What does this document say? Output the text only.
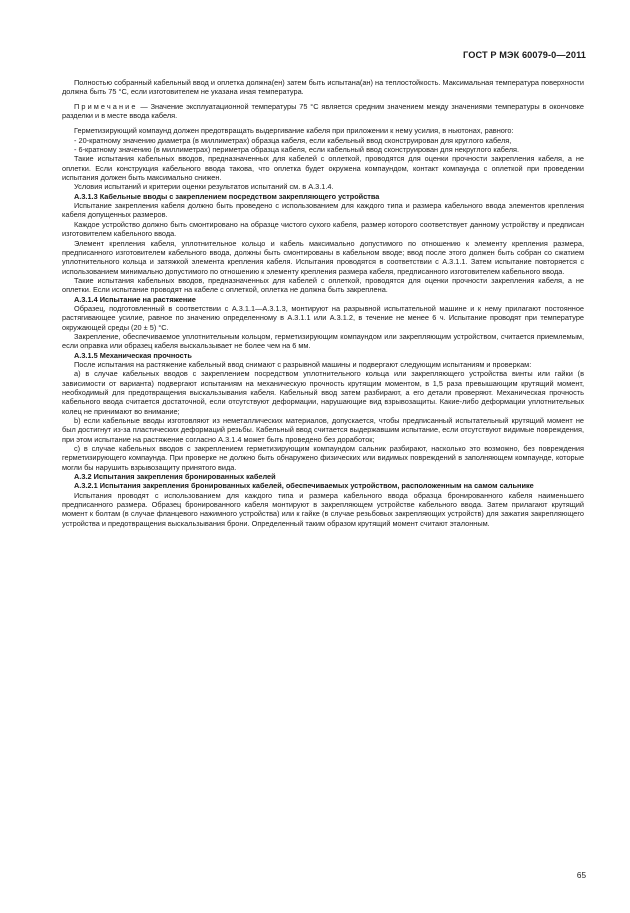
ГОСТ Р МЭК 60079-0—2011

Полностью собранный кабельный ввод и оплетка должна(ен) затем быть испытана(ан) на теплостойкость. Максимальная температура поверхности должна быть 75 °С, если изготовителем не указана иная температура.

Примечание — Значение эксплуатационной температуры 75 °С является средним значением между значениями температуры в окончовке разделки и в месте ввода кабеля.

Герметизирующий компаунд должен предотвращать выдергивание кабеля при приложении к нему усилия, в ньютонах, равного:

- 20-кратному значению диаметра (в миллиметрах) образца кабеля, если кабельный ввод сконструирован для круглого кабеля,

- 6-кратному значению (в миллиметрах) периметра образца кабеля, если кабельный ввод сконструирован для некруглого кабеля.

Такие испытания кабельных вводов, предназначенных для кабелей с оплеткой, проводятся для оценки прочности закрепления кабеля, а не оплетки. Если конструкция кабельного ввода такова, что оплетка будет окружена компаундом, контакт компаунда с оплеткой при проведении испытания должен быть максимально снижен.

Условия испытаний и критерии оценки результатов испытаний см. в А.3.1.4.

А.3.1.3 Кабельные вводы с закреплением посредством закрепляющего устройства

Испытание закрепления кабеля должно быть проведено с использованием для каждого типа и размера кабельного ввода элементов крепления кабеля допущенных размеров.

Каждое устройство должно быть смонтировано на образце чистого сухого кабеля, размер которого соответствует данному устройству и предписан изготовителем кабельного ввода.

Элемент крепления кабеля, уплотнительное кольцо и кабель максимально допустимого по отношению к элементу крепления размера, предписанного изготовителем кабельного ввода, должны быть смонтированы в кабельном вводе; ввод после этого должен быть собран со сжатием уплотнительного кольца и затяжкой элемента крепления кабеля. Испытания проводятся в соответствии с А.3.1.1. Затем испытание повторяется с использованием минимально допустимого по отношению к элементу крепления размера кабеля, предписанного изготовителем кабельного ввода.

Такие испытания кабельных вводов, предназначенных для кабелей с оплеткой, проводятся для оценки прочности закрепления кабеля, а не оплетки. Если испытание проводят на кабеле с оплеткой, оплетка не должна быть закреплена.

А.3.1.4 Испытание на растяжение

Образец, подготовленный в соответствии с А.3.1.1—А.3.1.3, монтируют на разрывной испытательной машине и к нему прилагают постоянное растягивающее усилие, равное по значению определенному в А.3.1.1 или А.3.1.2, в течение не менее 6 ч. Испытание проводят при температуре окружающей среды (20 ± 5) °С.

Закрепление, обеспечиваемое уплотнительным кольцом, герметизирующим компаундом или закрепляющим устройством, считается приемлемым, если оправка или образец кабеля выскальзывает не более чем на 6 мм.

А.3.1.5 Механическая прочность

После испытания на растяжение кабельный ввод снимают с разрывной машины и подвергают следующим испытаниям и проверкам:

а) в случае кабельных вводов с закреплением посредством уплотнительного кольца или закрепляющего устройства винты или гайки (в зависимости от варианта) подвергают испытаниям на механическую прочность крутящим моментом, в 1,5 раза превышающим крутящий момент, необходимый для предотвращения выскальзывания кабеля. Кабельный ввод затем разбирают, а его детали проверяют. Механическая прочность кабельного ввода считается достаточной, если отсутствуют деформации, нарушающие вид взрывозащиты. Какие-либо деформации уплотнительных колец не принимают во внимание;

b) если кабельные вводы изготовляют из неметаллических материалов, допускается, чтобы предписанный испытательный крутящий момент не был достигнут из-за пластических деформаций резьбы. Кабельный ввод считается выдержавшим испытание, если отсутствуют видимые повреждения, при этом испытание на растяжение согласно А.3.1.4 может быть проведено без доработок;

с) в случае кабельных вводов с закреплением герметизирующим компаундом сальник разбирают, насколько это возможно, без повреждения герметизирующего компаунда. При проверке не должно быть обнаружено физических или видимых повреждений в заполняющем компаунде, которые могли бы нарушить взрывозащиту принятого вида.

А.3.2 Испытания закрепления бронированных кабелей

А.3.2.1 Испытания закрепления бронированных кабелей, обеспечиваемых устройством, расположенным на самом сальнике

Испытания проводят с использованием для каждого типа и размера кабельного ввода образца бронированного кабеля наименьшего предписанного размера. Образец бронированного кабеля монтируют в закрепляющем устройстве кабельного ввода. Затем прилагают крутящий момент к болтам (в случае фланцевого нажимного устройства) или к гайке (в случае резьбовых закрепляющих устройств) для зажатия закрепляющего устройства и предотвращения выскальзывания брони. Определенный таким образом крутящий момент считают эталонным.

65
